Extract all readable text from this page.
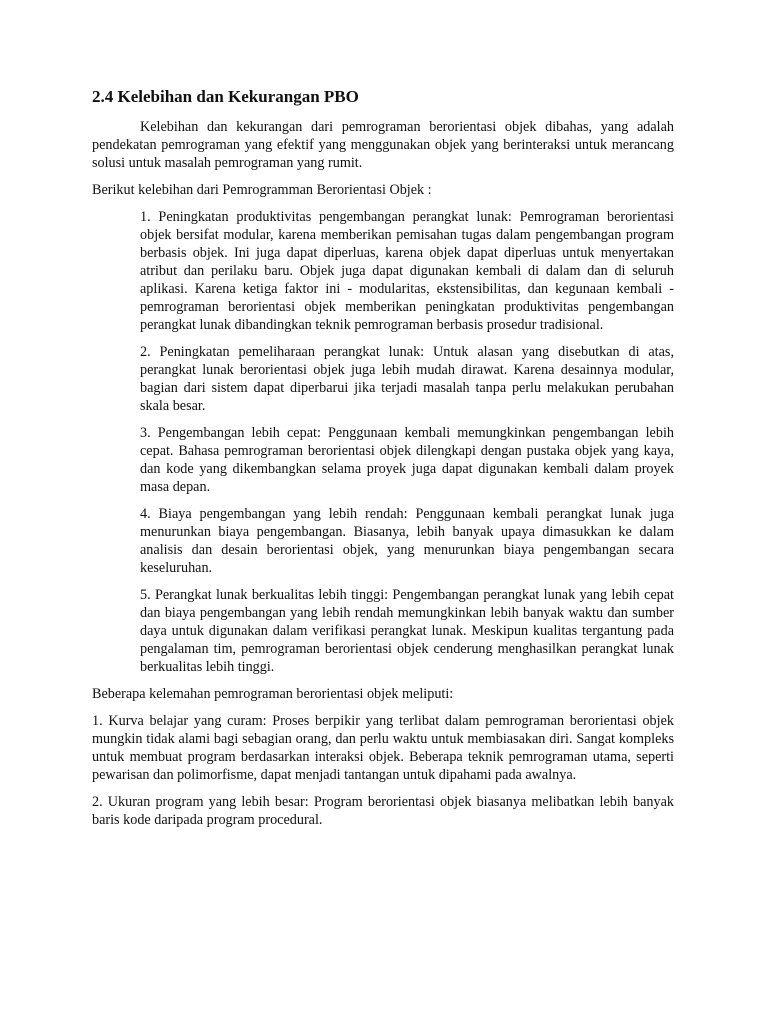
2.4 Kelebihan dan Kekurangan PBO

Kelebihan dan kekurangan dari pemrograman berorientasi objek dibahas, yang adalah pendekatan pemrograman yang efektif yang menggunakan objek yang berinteraksi untuk merancang solusi untuk masalah pemrograman yang rumit.

Berikut kelebihan dari Pemrogramman Berorientasi Objek :

1. Peningkatan produktivitas pengembangan perangkat lunak: Pemrograman berorientasi objek bersifat modular, karena memberikan pemisahan tugas dalam pengembangan program berbasis objek. Ini juga dapat diperluas, karena objek dapat diperluas untuk menyertakan atribut dan perilaku baru. Objek juga dapat digunakan kembali di dalam dan di seluruh aplikasi. Karena ketiga faktor ini - modularitas, ekstensibilitas, dan kegunaan kembali - pemrograman berorientasi objek memberikan peningkatan produktivitas pengembangan perangkat lunak dibandingkan teknik pemrograman berbasis prosedur tradisional.

2. Peningkatan pemeliharaan perangkat lunak: Untuk alasan yang disebutkan di atas, perangkat lunak berorientasi objek juga lebih mudah dirawat. Karena desainnya modular, bagian dari sistem dapat diperbarui jika terjadi masalah tanpa perlu melakukan perubahan skala besar.

3. Pengembangan lebih cepat: Penggunaan kembali memungkinkan pengembangan lebih cepat. Bahasa pemrograman berorientasi objek dilengkapi dengan pustaka objek yang kaya, dan kode yang dikembangkan selama proyek juga dapat digunakan kembali dalam proyek masa depan.

4. Biaya pengembangan yang lebih rendah: Penggunaan kembali perangkat lunak juga menurunkan biaya pengembangan. Biasanya, lebih banyak upaya dimasukkan ke dalam analisis dan desain berorientasi objek, yang menurunkan biaya pengembangan secara keseluruhan.

5. Perangkat lunak berkualitas lebih tinggi: Pengembangan perangkat lunak yang lebih cepat dan biaya pengembangan yang lebih rendah memungkinkan lebih banyak waktu dan sumber daya untuk digunakan dalam verifikasi perangkat lunak. Meskipun kualitas tergantung pada pengalaman tim, pemrograman berorientasi objek cenderung menghasilkan perangkat lunak berkualitas lebih tinggi.

Beberapa kelemahan pemrograman berorientasi objek meliputi:

1. Kurva belajar yang curam: Proses berpikir yang terlibat dalam pemrograman berorientasi objek mungkin tidak alami bagi sebagian orang, dan perlu waktu untuk membiasakan diri. Sangat kompleks untuk membuat program berdasarkan interaksi objek. Beberapa teknik pemrograman utama, seperti pewarisan dan polimorfisme, dapat menjadi tantangan untuk dipahami pada awalnya.

2. Ukuran program yang lebih besar: Program berorientasi objek biasanya melibatkan lebih banyak baris kode daripada program procedural.
